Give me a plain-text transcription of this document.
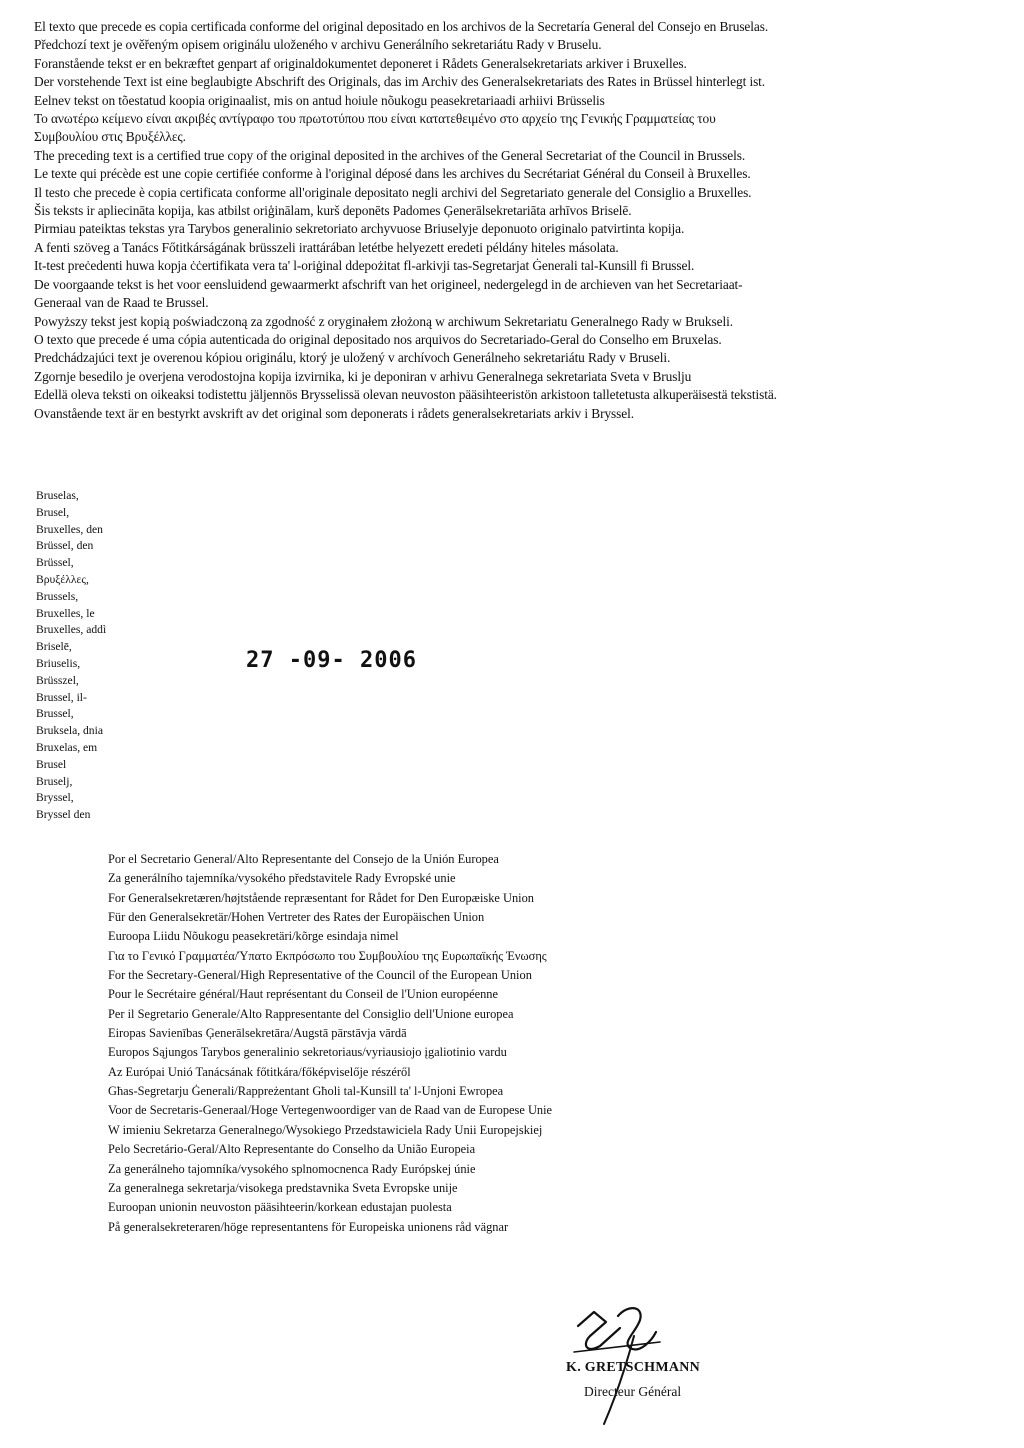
El texto que precede es copia certificada conforme del original depositado en los archivos de la Secretaría General del Consejo en Bruselas.
Předchozí text je ověřeným opisem originálu uloženého v archivu Generálního sekretariátu Rady v Bruselu.
Foranstående tekst er en bekræftet genpart af originaldokumentet deponeret i Rådets Generalsekretariats arkiver i Bruxelles.
Der vorstehende Text ist eine beglaubigte Abschrift des Originals, das im Archiv des Generalsekretariats des Rates in Brüssel hinterlegt ist.
Eelnev tekst on tõestatud koopia originaalist, mis on antud hoiule nõukogu peasekretariaadi arhiivi Brüsselis
Το ανωτέρω κείμενο είναι ακριβές αντίγραφο του πρωτοτύπου που είναι κατατεθειμένο στο αρχείο της Γενικής Γραμματείας του
Συμβουλίου στις Βρυξέλλες.
The preceding text is a certified true copy of the original deposited in the archives of the General Secretariat of the Council in Brussels.
Le texte qui précède est une copie certifiée conforme à l'original déposé dans les archives du Secrétariat Général du Conseil à Bruxelles.
Il testo che precede è copia certificata conforme all'originale depositato negli archivi del Segretariato generale del Consiglio a Bruxelles.
Šis teksts ir apliecināta kopija, kas atbilst oriģinālam, kurš deponēts Padomes Ģenerālsekretariāta arhīvos Briselē.
Pirmiau pateiktas tekstas yra Tarybos generalinio sekretoriato archyvuose Briuselyje deponuoto originalo patvirtinta kopija.
A fenti szöveg a Tanács Főtitkárságának brüsszeli irattárában letétbe helyezett eredeti példány hiteles másolata.
It-test preċedenti huwa kopja ċċertifikata vera ta' l-oriġinal ddepożitat fl-arkivji tas-Segretarjat Ġenerali tal-Kunsill fi Brussel.
De voorgaande tekst is het voor eensluidend gewaarmerkt afschrift van het origineel, nedergelegd in de archieven van het Secretariaat-
Generaal van de Raad te Brussel.
Powyższy tekst jest kopią poświadczoną za zgodność z oryginałem złożoną w archiwum Sekretariatu Generalnego Rady w Brukseli.
O texto que precede é uma cópia autenticada do original depositado nos arquivos do Secretariado-Geral do Conselho em Bruxelas.
Predchádzajúci text je overenou kópiou originálu, ktorý je uložený v archívoch Generálneho sekretariátu Rady v Bruseli.
Zgornje besedilo je overjena verodostojna kopija izvirnika, ki je deponiran v arhivu Generalnega sekretariata Sveta v Bruslju
Edellä oleva teksti on oikeaksi todistettu jäljennös Brysselissä olevan neuvoston pääsihteeristön arkistoon talletetusta alkuperäisestä tekstistä.
Ovanstående text är en bestyrkt avskrift av det original som deponerats i rådets generalsekretariats arkiv i Bryssel.
Bruselas,
Brusel,
Bruxelles, den
Brüssel, den
Brüssel,
Βρυξέλλες,
Brussels,
Bruxelles, le
Bruxelles, addì
Briselē,
Briuselis,
Brüsszel,
Brussel, il-
Brussel,
Bruksela, dnia
Bruxelas, em
Brusel
Bruselj,
Bryssel,
Bryssel den
27 -09- 2006
Por el Secretario General/Alto Representante del Consejo de la Unión Europea
Za generálního tajemníka/vysokého představitele Rady Evropské unie
For Generalsekretæren/højtstående repræsentant for Rådet for Den Europæiske Union
Für den Generalsekretär/Hohen Vertreter des Rates der Europäischen Union
Euroopa Liidu Nõukogu peasekretäri/kõrge esindaja nimel
Για το Γενικό Γραμματέα/Ύπατο Εκπρόσωπο του Συμβουλίου της Ευρωπαϊκής Ένωσης
For the Secretary-General/High Representative of the Council of the European Union
Pour le Secrétaire général/Haut représentant du Conseil de l'Union européenne
Per il Segretario Generale/Alto Rappresentante del Consiglio dell'Unione europea
Eiropas Savienības Ģenerālsekretāra/Augstā pārstāvja vārdā
Europos Sąjungos Tarybos generalinio sekretoriaus/vyriausiojo įgaliotinio vardu
Az Európai Unió Tanácsának főtitkára/főképviselője részéről
Għas-Segretarju Ġenerali/Rappreżentant Għoli tal-Kunsill ta' l-Unjoni Ewropea
Voor de Secretaris-Generaal/Hoge Vertegenwoordiger van de Raad van de Europese Unie
W imieniu Sekretarza Generalnego/Wysokiego Przedstawiciela Rady Unii Europejskiej
Pelo Secretário-Geral/Alto Representante do Conselho da União Europeia
Za generálneho tajomníka/vysokého splnomocnenca Rady Európskej únie
Za generalnega sekretarja/visokega predstavnika Sveta Evropske unije
Euroopan unionin neuvoston pääsihteerin/korkean edustajan puolesta
På generalsekreteraren/höge representantens för Europeiska unionens råd vägnar
K. GRETSCHMANN
Directeur Général
